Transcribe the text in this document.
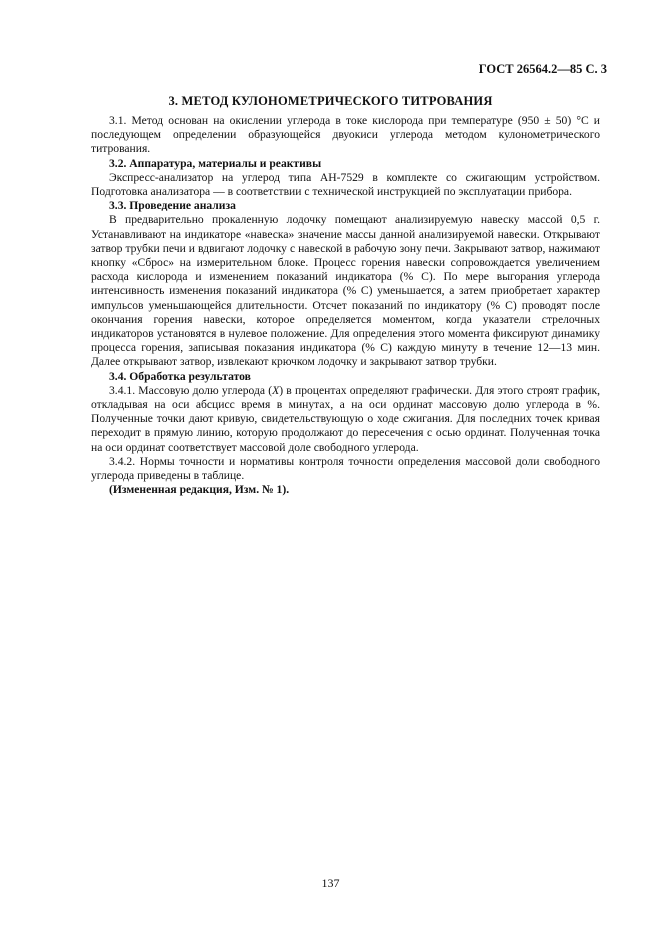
ГОСТ 26564.2—85 С. 3
3. МЕТОД КУЛОНОМЕТРИЧЕСКОГО ТИТРОВАНИЯ

3.1. Метод основан на окислении углерода в токе кислорода при температуре (950 ± 50) °С и последующем определении образующейся двуокиси углерода методом кулонометрического титрования.

3.2. Аппаратура, материалы и реактивы

Экспресс-анализатор на углерод типа АН-7529 в комплекте со сжигающим устройством. Подготовка анализатора — в соответствии с технической инструкцией по эксплуатации прибора.

3.3. Проведение анализа

В предварительно прокаленную лодочку помещают анализируемую навеску массой 0,5 г. Устанавливают на индикаторе «навеска» значение массы данной анализируемой навески. Открывают затвор трубки печи и вдвигают лодочку с навеской в рабочую зону печи. Закрывают затвор, нажимают кнопку «Сброс» на измерительном блоке. Процесс горения навески сопровождается увеличением расхода кислорода и изменением показаний индикатора (% С). По мере выгорания углерода интенсивность изменения показаний индикатора (% С) уменьшается, а затем приобретает характер импульсов уменьшающейся длительности. Отсчет показаний по индикатору (% С) проводят после окончания горения навески, которое определяется моментом, когда указатели стрелочных индикаторов установятся в нулевое положение. Для определения этого момента фиксируют динамику процесса горения, записывая показания индикатора (% С) каждую минуту в течение 12—13 мин. Далее открывают затвор, извлекают крючком лодочку и закрывают затвор трубки.

3.4. Обработка результатов

3.4.1. Массовую долю углерода (X) в процентах определяют графически. Для этого строят график, откладывая на оси абсцисс время в минутах, а на оси ординат массовую долю углерода в %. Полученные точки дают кривую, свидетельствующую о ходе сжигания. Для последних точек кривая переходит в прямую линию, которую продолжают до пересечения с осью ординат. Полученная точка на оси ординат соответствует массовой доле свободного углерода.

3.4.2. Нормы точности и нормативы контроля точности определения массовой доли свободного углерода приведены в таблице.

(Измененная редакция, Изм. № 1).

137
